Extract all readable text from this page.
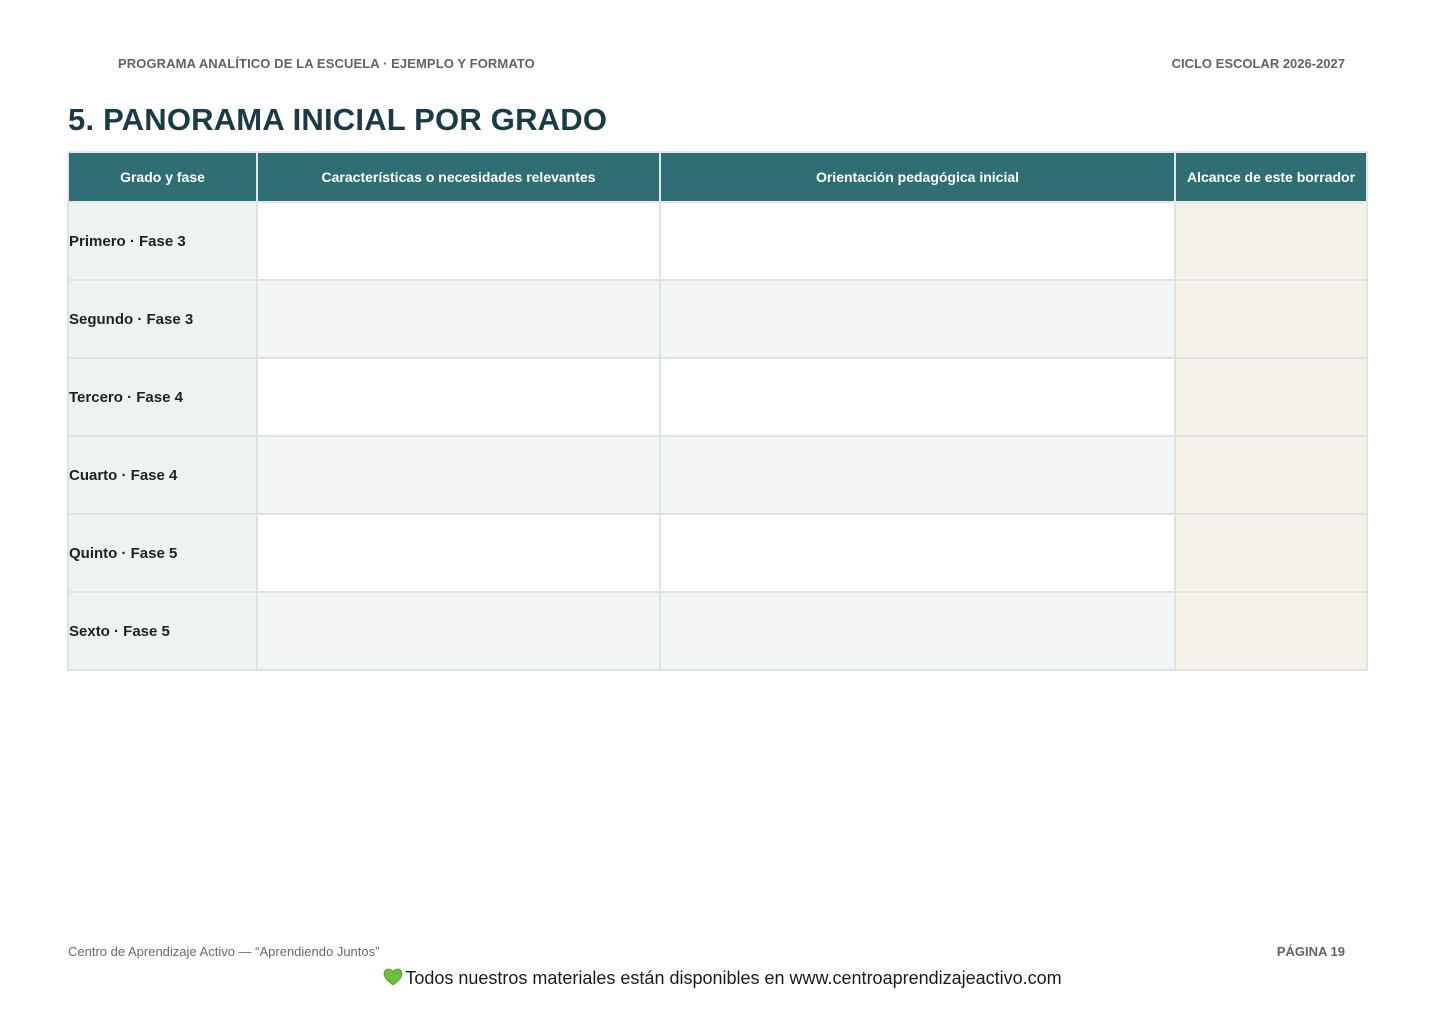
PROGRAMA ANALÍTICO DE LA ESCUELA · EJEMPLO Y FORMATO	CICLO ESCOLAR 2026-2027
5. PANORAMA INICIAL POR GRADO
Grado y fase	Características o necesidades relevantes	Orientación pedagógica inicial	Alcance de este borrador
Primero · Fase 3			
Segundo · Fase 3			
Tercero · Fase 4			
Cuarto · Fase 4			
Quinto · Fase 5			
Sexto · Fase 5			
Centro de Aprendizaje Activo — “Aprendiendo Juntos”	PÁGINA 19
Todos nuestros materiales están disponibles en www.centroaprendizajeactivo.com
